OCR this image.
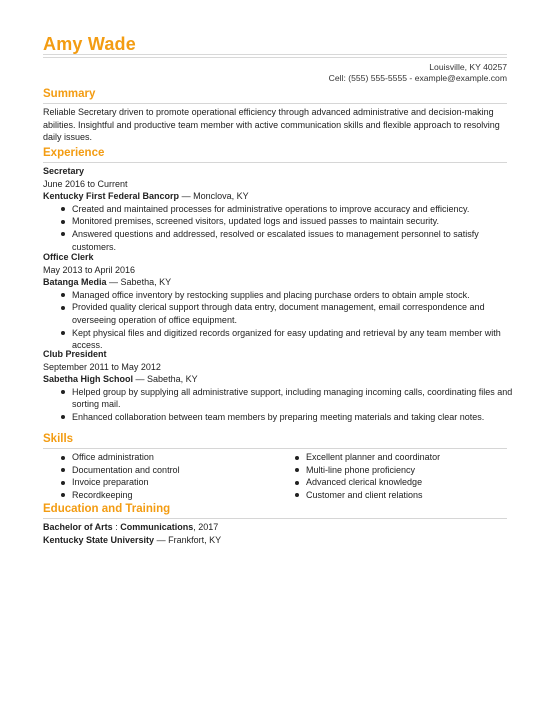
Amy Wade
Louisville, KY 40257
Cell: (555) 555-5555 - example@example.com
Summary
Reliable Secretary driven to promote operational efficiency through advanced administrative and decision-making abilities. Insightful and productive team member with active communication skills and flexible approach to resolving daily issues.
Experience
Secretary
June 2016 to Current
Kentucky First Federal Bancorp — Monclova, KY
Created and maintained processes for administrative operations to improve accuracy and efficiency.
Monitored premises, screened visitors, updated logs and issued passes to maintain security.
Answered questions and addressed, resolved or escalated issues to management personnel to satisfy customers.
Office Clerk
May 2013 to April 2016
Batanga Media — Sabetha, KY
Managed office inventory by restocking supplies and placing purchase orders to obtain ample stock.
Provided quality clerical support through data entry, document management, email correspondence and overseeing operation of office equipment.
Kept physical files and digitized records organized for easy updating and retrieval by any team member with access.
Club President
September 2011 to May 2012
Sabetha High School — Sabetha, KY
Helped group by supplying all administrative support, including managing incoming calls, coordinating files and sorting mail.
Enhanced collaboration between team members by preparing meeting materials and taking clear notes.
Skills
Office administration
Documentation and control
Invoice preparation
Recordkeeping
Excellent planner and coordinator
Multi-line phone proficiency
Advanced clerical knowledge
Customer and client relations
Education and Training
Bachelor of Arts : Communications, 2017
Kentucky State University — Frankfort, KY
